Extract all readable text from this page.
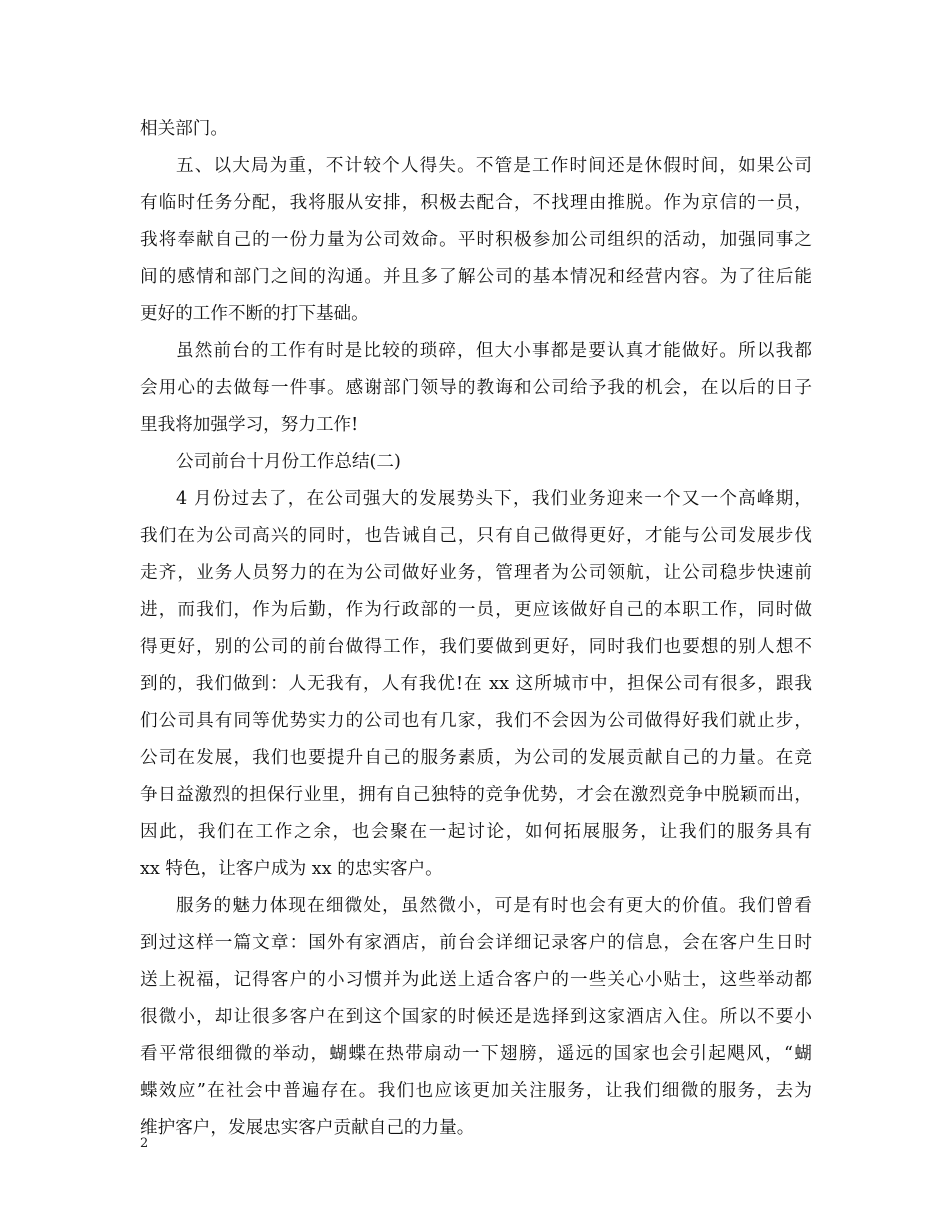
相关部门。
五、以大局为重，不计较个人得失。不管是工作时间还是休假时间，如果公司
有临时任务分配，我将服从安排，积极去配合，不找理由推脱。作为京信的一员，
我将奉献自己的一份力量为公司效命。平时积极参加公司组织的活动，加强同事之
间的感情和部门之间的沟通。并且多了解公司的基本情况和经营内容。为了往后能
更好的工作不断的打下基础。
虽然前台的工作有时是比较的琐碎，但大小事都是要认真才能做好。所以我都
会用心的去做每一件事。感谢部门领导的教诲和公司给予我的机会，在以后的日子
里我将加强学习，努力工作!
公司前台十月份工作总结(二)
4 月份过去了，在公司强大的发展势头下，我们业务迎来一个又一个高峰期，
我们在为公司高兴的同时，也告诫自己，只有自己做得更好，才能与公司发展步伐
走齐，业务人员努力的在为公司做好业务，管理者为公司领航，让公司稳步快速前
进，而我们，作为后勤，作为行政部的一员，更应该做好自己的本职工作，同时做
得更好，别的公司的前台做得工作，我们要做到更好，同时我们也要想的别人想不
到的，我们做到：人无我有，人有我优!在 xx 这所城市中，担保公司有很多，跟我
们公司具有同等优势实力的公司也有几家，我们不会因为公司做得好我们就止步，
公司在发展，我们也要提升自己的服务素质，为公司的发展贡献自己的力量。在竞
争日益激烈的担保行业里，拥有自己独特的竞争优势，才会在激烈竞争中脱颖而出，
因此，我们在工作之余，也会聚在一起讨论，如何拓展服务，让我们的服务具有
xx 特色，让客户成为 xx 的忠实客户。
服务的魅力体现在细微处，虽然微小，可是有时也会有更大的价值。我们曾看
到过这样一篇文章：国外有家酒店，前台会详细记录客户的信息，会在客户生日时
送上祝福，记得客户的小习惯并为此送上适合客户的一些关心小贴士，这些举动都
很微小，却让很多客户在到这个国家的时候还是选择到这家酒店入住。所以不要小
看平常很细微的举动，蝴蝶在热带扇动一下翅膀，遥远的国家也会引起飓风，“蝴
蝶效应”在社会中普遍存在。我们也应该更加关注服务，让我们细微的服务，去为
维护客户，发展忠实客户贡献自己的力量。
2
